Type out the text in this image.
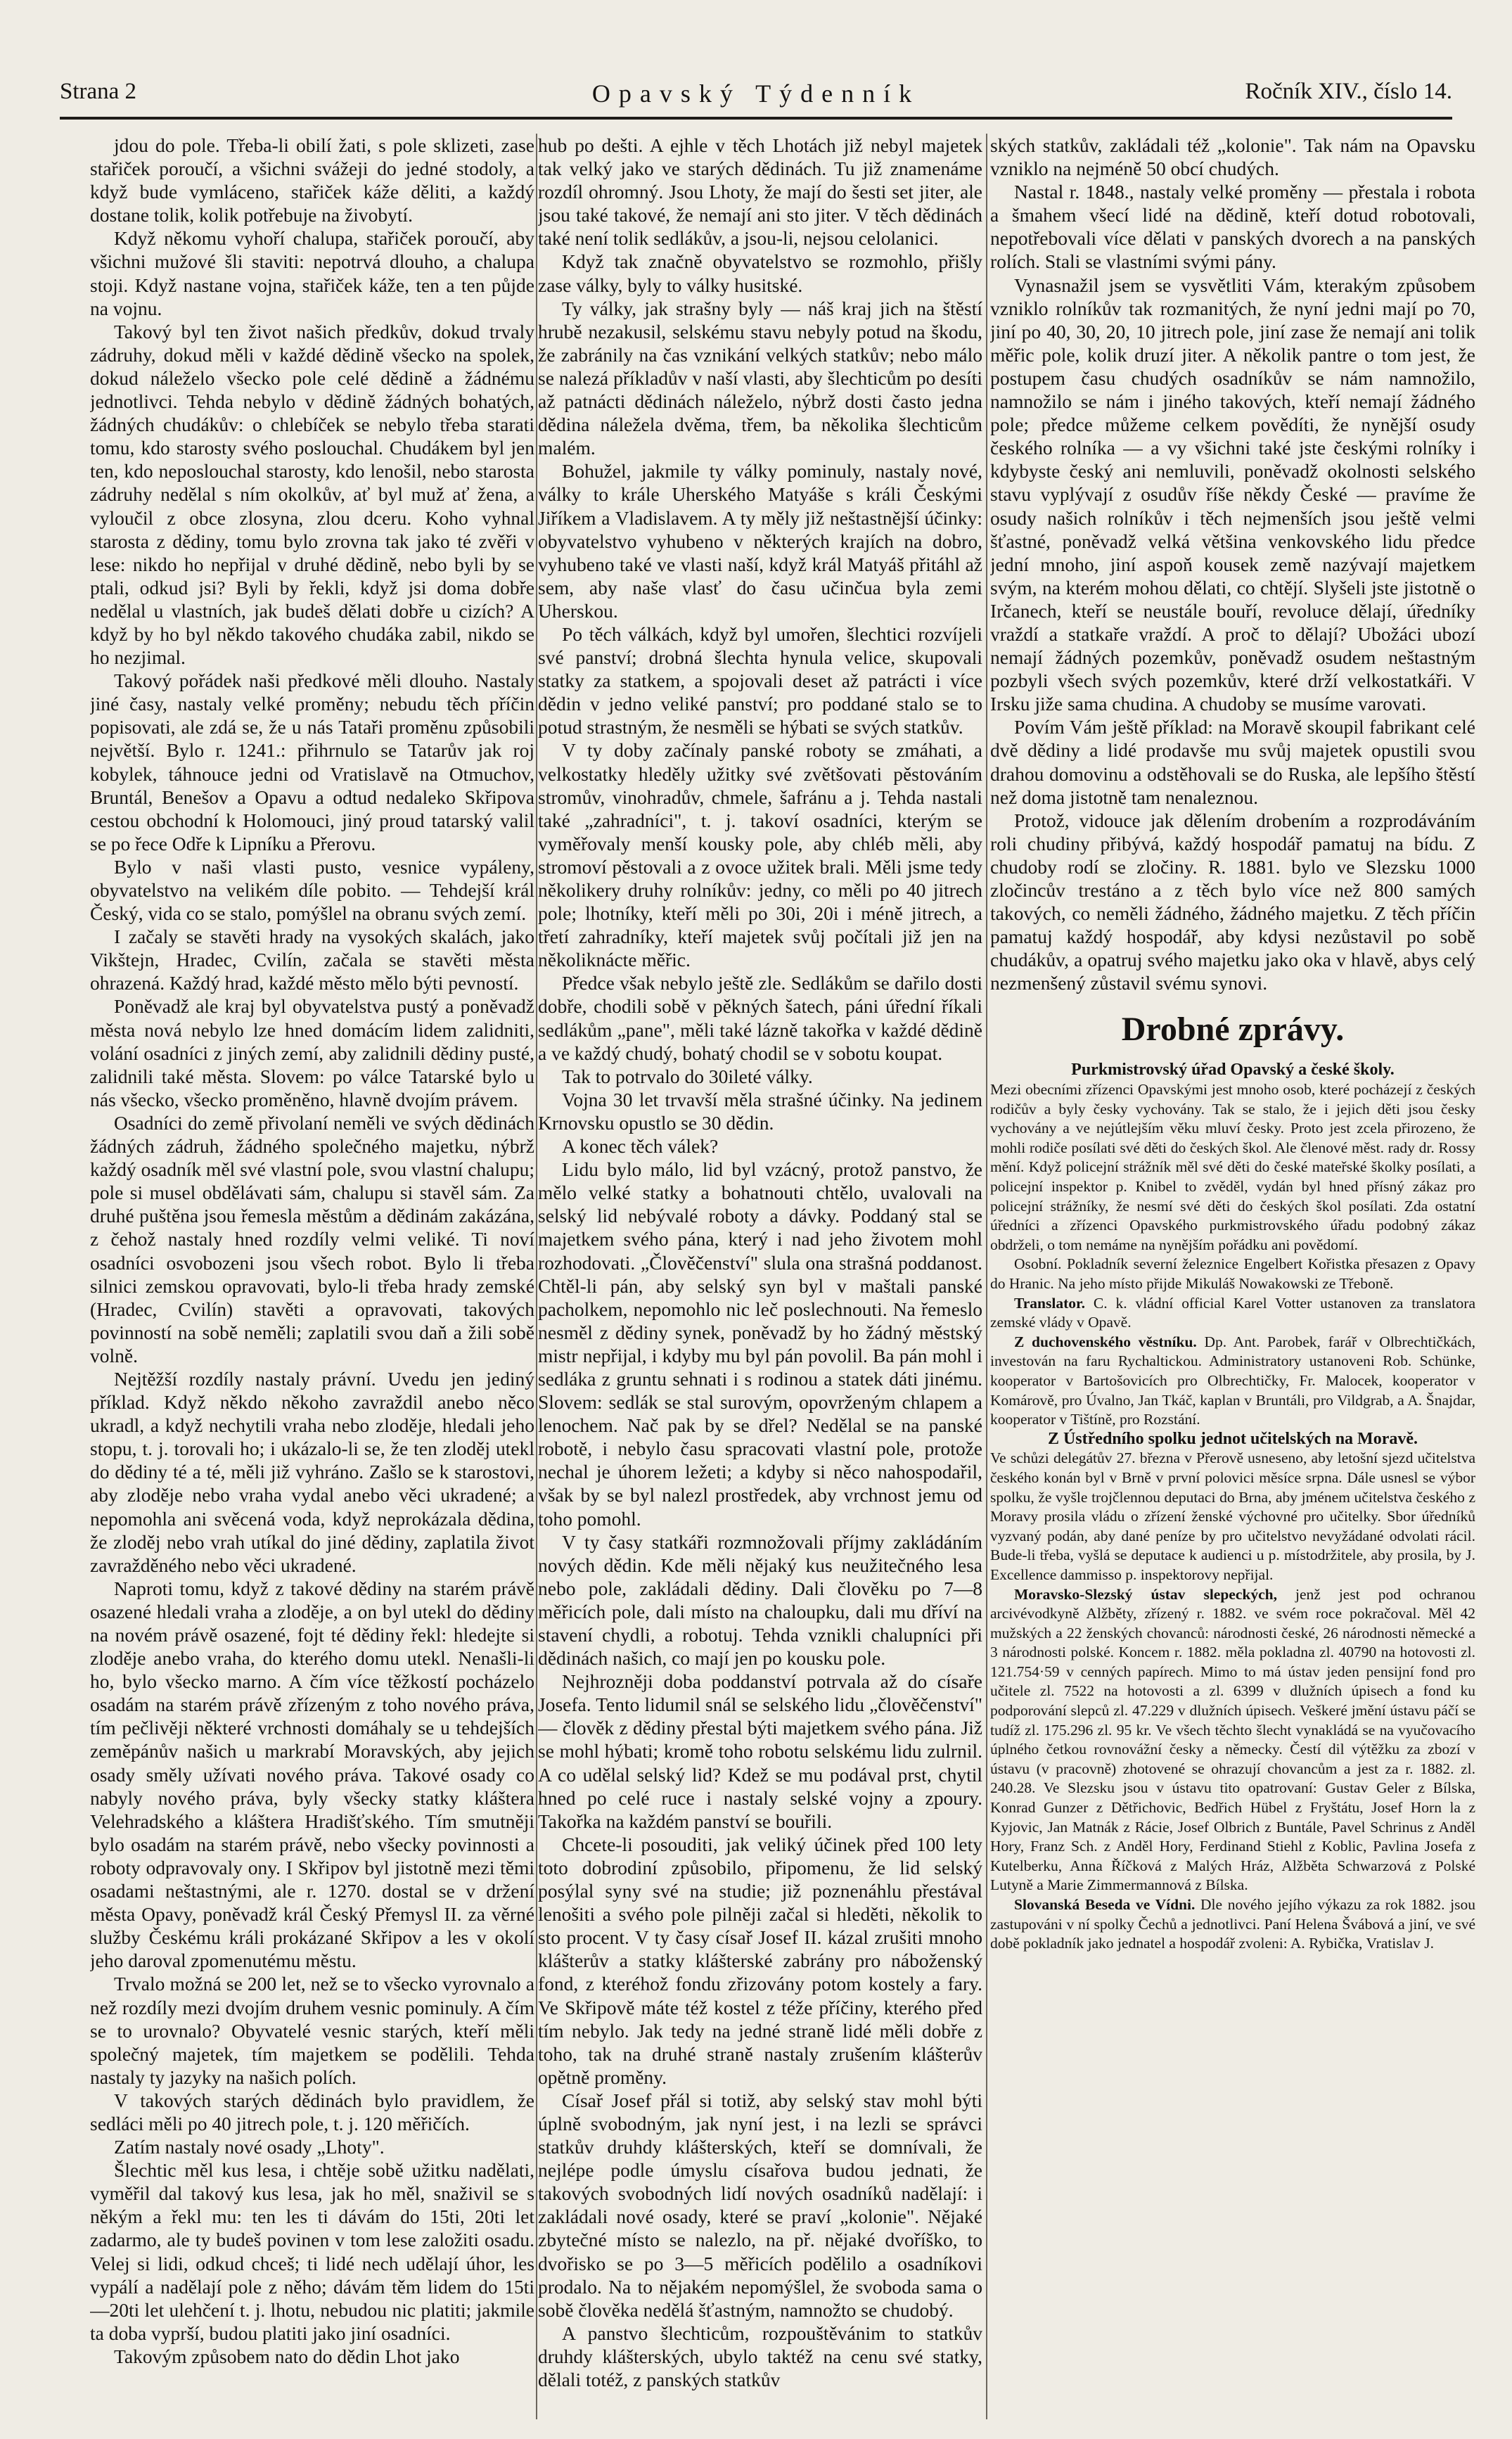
Strana 2	Opavský Týdenník	Ročník XIV., číslo 14.

jdou do pole. Třeba-li obilí žati, s pole sklizeti, zase stařiček poroučí, a všichni svážeji do jedné stodoly, a když bude vymláceno, stařiček káže děliti, a každý dostane tolik, kolik potřebuje na živobytí.

Když někomu vyhoří chalupa, stařiček poroučí, aby všichni mužové šli staviti: nepotrvá dlouho, a chalupa stoji. Když nastane vojna, stařiček káže, ten a ten půjde na vojnu.

Takový byl ten život našich předkův, dokud trvaly zádruhy, dokud měli v každé dědině všecko na spolek, dokud náleželo všecko pole celé dědině a žádnému jednotlivci. Tehda nebylo v dědině žádných bohatých, žádných chudákův: o chlebíček se nebylo třeba starati tomu, kdo starosty svého poslouchal. Chudákem byl jen ten, kdo neposlouchal starosty, kdo lenošil, nebo starosta zádruhy nedělal s ním okolkův, ať byl muž ať žena, a vyloučil z obce zlosyna, zlou dceru. Koho vyhnal starosta z dědiny, tomu bylo zrovna tak jako té zvěři v lese: nikdo ho nepřijal v druhé dědině, nebo byli by se ptali, odkud jsi? Byli by řekli, když jsi doma dobře nedělal u vlastních, jak budeš dělati dobře u cizích? A když by ho byl někdo takového chudáka zabil, nikdo se ho nezjimal.

Takový pořádek naši předkové měli dlouho. Nastaly jiné časy, nastaly velké proměny; nebudu těch příčin popisovati, ale zdá se, že u nás Tataři proměnu způsobili největší. Bylo r. 1241.: přihrnulo se Tatarův jak roj kobylek, táhnouce jedni od Vratislavě na Otmuchov, Bruntál, Benešov a Opavu a odtud nedaleko Skřipova cestou obchodní k Holomouci, jiný proud tatarský valil se po řece Odře k Lipníku a Přerovu.

Bylo v naši vlasti pusto, vesnice vypáleny, obyvatelstvo na velikém díle pobito. — Tehdejší král Český, vida co se stalo, pomýšlel na obranu svých zemí.

I začaly se stavěti hrady na vysokých skalách, jako Vikštejn, Hradec, Cvilín, začala se stavěti města ohrazená. Každý hrad, každé město mělo býti pevností.

Poněvadž ale kraj byl obyvatelstva pustý a poněvadž města nová nebylo lze hned domácím lidem zalidniti, volání osadníci z jiných zemí, aby zalidnili dědiny pusté, zalidnili také města. Slovem: po válce Tatarské bylo u nás všecko, všecko proměněno, hlavně dvojím právem.

Osadníci do země přivolaní neměli ve svých dědinách žádných zádruh, žádného společného majetku, nýbrž každý osadník měl své vlastní pole, svou vlastní chalupu; pole si musel obdělávati sám, chalupu si stavěl sám. Za druhé puštěna jsou řemesla městům a dědinám zakázána, z čehož nastaly hned rozdíly velmi veliké. Ti noví osadníci osvobozeni jsou všech robot. Bylo li třeba silnici zemskou opravovati, bylo-li třeba hrady zemské (Hradec, Cvilín) stavěti a opravovati, takových povinností na sobě neměli; zaplatili svou daň a žili sobě volně.

Nejtěžší rozdíly nastaly právní. Uvedu jen jediný příklad. Když někdo někoho zavraždil anebo něco ukradl, a když nechytili vraha nebo zloděje, hledali jeho stopu, t. j. torovali ho; i ukázalo-li se, že ten zloděj utekl do dědiny té a té, měli již vyhráno. Zašlo se k starostovi, aby zloděje nebo vraha vydal anebo věci ukradené; a nepomohla ani svěcená voda, když neprokázala dědina, že zloděj nebo vrah utíkal do jiné dědiny, zaplatila život zavražděného nebo věci ukradené.

Naproti tomu, když z takové dědiny na starém právě osazené hledali vraha a zloděje, a on byl utekl do dědiny na novém právě osazené, fojt té dědiny řekl: hledejte si zloděje anebo vraha, do kterého domu utekl. Nenašli-li ho, bylo všecko marno. A čím více těžkostí pocházelo osadám na starém právě zřízeným z toho nového práva, tím pečlivěji některé vrchnosti domáhaly se u tehdejších zeměpánův našich u markrabí Moravských, aby jejich osady směly užívati nového práva. Takové osady co nabyly nového práva, byly všecky statky kláštera Velehradského a kláštera Hradišťského. Tím smutněji bylo osadám na starém právě, nebo všecky povinnosti a roboty odpravovaly ony. I Skřipov byl jistotně mezi těmi osadami neštastnými, ale r. 1270. dostal se v držení města Opavy, poněvadž král Český Přemysl II. za věrné služby Českému králi prokázané Skřipov a les v okolí jeho daroval zpomenutému městu.

Trvalo možná se 200 let, než se to všecko vyrovnalo a než rozdíly mezi dvojím druhem vesnic pominuly. A čím se to urovnalo? Obyvatelé vesnic starých, kteří měli společný majetek, tím majetkem se podělili. Tehda nastaly ty jazyky na našich polích.

V takových starých dědinách bylo pravidlem, že sedláci měli po 40 jitrech pole, t. j. 120 měřičích.

Zatím nastaly nové osady „Lhoty".

Šlechtic měl kus lesa, i chtěje sobě užitku nadělati, vyměřil dal takový kus lesa, jak ho měl, snaživil se s někým a řekl mu: ten les ti dávám do 15ti, 20ti let zadarmo, ale ty budeš povinen v tom lese založiti osadu. Velej si lidi, odkud chceš; ti lidé nech udělají úhor, les vypálí a nadělají pole z něho; dávám těm lidem do 15ti—20ti let ulehčení t. j. lhotu, nebudou nic platiti; jakmile ta doba vyprší, budou platiti jako jiní osadníci.

Takovým způsobem nato do dědin Lhot jako

hub po dešti. A ejhle v těch Lhotách již nebyl majetek tak velký jako ve starých dědinách. Tu již znamenáme rozdíl ohromný. Jsou Lhoty, že mají do šesti set jiter, ale jsou také takové, že nemají ani sto jiter. V těch dědinách také není tolik sedlákův, a jsou-li, nejsou celolanici.

Když tak značně obyvatelstvo se rozmohlo, přišly zase války, byly to války husitské.

Ty války, jak strašny byly — náš kraj jich na štěstí hrubě nezakusil, selskému stavu nebyly potud na škodu, že zabránily na čas vznikání velkých statkův; nebo málo se nalezá příkladův v naší vlasti, aby šlechticům po desíti až patnácti dědinách náleželo, nýbrž dosti často jedna dědina náležela dvěma, třem, ba několika šlechticům malém.

Bohužel, jakmile ty války pominuly, nastaly nové, války to krále Uherského Matyáše s králi Českými Jiříkem a Vladislavem. A ty měly již neštastnější účinky: obyvatelstvo vyhubeno v některých krajích na dobro, vyhubeno také ve vlasti naší, když král Matyáš přitáhl až sem, aby naše vlasť do času učinčua byla zemi Uherskou.

Po těch válkách, když byl umořen, šlechtici rozvíjeli své panství; drobná šlechta hynula velice, skupovali statky za statkem, a spojovali deset až patrácti i více dědin v jedno veliké panství; pro poddané stalo se to potud strastným, že nesměli se hýbati se svých statkův.

V ty doby začínaly panské roboty se zmáhati, a velkostatky hleděly užitky své zvětšovati pěstováním stromův, vinohradův, chmele, šafránu a j. Tehda nastali také „zahradníci", t. j. takoví osadníci, kterým se vyměřovaly menší kousky pole, aby chléb měli, aby stromoví pěstovali a z ovoce užitek brali. Měli jsme tedy několikery druhy rolníkův: jedny, co měli po 40 jitrech pole; lhotníky, kteří měli po 30i, 20i i méně jitrech, a třetí zahradníky, kteří majetek svůj počítali již jen na několiknácte měřic.

Předce však nebylo ještě zle. Sedlákům se dařilo dosti dobře, chodili sobě v pěkných šatech, páni úřední říkali sedlákům „pane", měli také lázně takořka v každé dědině a ve každý chudý, bohatý chodil se v sobotu koupat.

Tak to potrvalo do 30ileté války.

Vojna 30 let trvavší měla strašné účinky. Na jedinem Krnovsku opustlo se 30 dědin.

A konec těch válek?

Lidu bylo málo, lid byl vzácný, protož panstvo, že mělo velké statky a bohatnouti chtělo, uvalovali na selský lid nebývalé roboty a dávky. Poddaný stal se majetkem svého pána, který i nad jeho životem mohl rozhodovati. „Člověčenství" slula ona strašná poddanost. Chtěl-li pán, aby selský syn byl v maštali panské pacholkem, nepomohlo nic leč poslechnouti. Na řemeslo nesměl z dědiny synek, poněvadž by ho žádný městský mistr nepřijal, i kdyby mu byl pán povolil. Ba pán mohl i sedláka z gruntu sehnati i s rodinou a statek dáti jinému. Slovem: sedlák se stal surovým, opovrženým chlapem a lenochem. Nač pak by se dřel? Nedělal se na panské robotě, i nebylo času spracovati vlastní pole, protože nechal je úhorem ležeti; a kdyby si něco nahospodařil, však by se byl nalezl prostředek, aby vrchnost jemu od toho pomohl.

V ty časy statkáři rozmnožovali příjmy zakládáním nových dědin. Kde měli nějaký kus neužitečného lesa nebo pole, zakládali dědiny. Dali člověku po 7—8 měřicích pole, dali místo na chaloupku, dali mu dříví na stavení chydli, a robotuj. Tehda vznikli chalupníci při dědinách našich, co mají jen po kousku pole.

Nejhrozněji doba poddanství potrvala až do císaře Josefa. Tento lidumil snál se selského lidu „člověčenství" — člověk z dědiny přestal býti majetkem svého pána. Již se mohl hýbati; kromě toho robotu selskému lidu zulrnil. A co udělal selský lid? Kdež se mu podával prst, chytil hned po celé ruce i nastaly selské vojny a zpoury. Takořka na každém panství se bouřili.

Chcete-li posouditi, jak veliký účinek před 100 lety toto dobrodiní způsobilo, připomenu, že lid selský posýlal syny své na studie; již poznenáhlu přestával lenošiti a svého pole pilněji začal si hleděti, několik to sto procent. V ty časy císař Josef II. kázal zrušiti mnoho klášterův a statky klášterské zabrány pro náboženský fond, z kteréhož fondu zřizovány potom kostely a fary. Ve Skřipově máte též kostel z téže příčiny, kterého před tím nebylo. Jak tedy na jedné straně lidé měli dobře z toho, tak na druhé straně nastaly zrušením klášterův opětně proměny.

Císař Josef přál si totiž, aby selský stav mohl býti úplně svobodným, jak nyní jest, i na lezli se správci statkův druhdy klášterských, kteří se domnívali, že nejlépe podle úmyslu císařova budou jednati, že takových svobodných lidí nových osadníků nadělají: i zakládali nové osady, které se praví „kolonie". Nějaké zbytečné místo se nalezlo, na př. nějaké dvoříško, to dvořisko se po 3—5 měřicích podělilo a osadníkovi prodalo. Na to nějakém nepomýšlel, že svoboda sama o sobě člověka nedělá šťastným, namnožto se chudobý.

A panstvo šlechticům, rozpouštěvánim to statkův druhdy klášterských, ubylo taktéž na cenu své statky, dělali totéž, z panských statkův

ských statkův, zakládali též „kolonie". Tak nám na Opavsku vzniklo na nejméně 50 obcí chudých.

Nastal r. 1848., nastaly velké proměny — přestala i robota a šmahem všecí lidé na dědině, kteří dotud robotovali, nepotřebovali více dělati v panských dvorech a na panských rolích. Stali se vlastními svými pány.

Vynasnažil jsem se vysvětliti Vám, kterakým způsobem vzniklo rolníkův tak rozmanitých, že nyní jedni mají po 70, jiní po 40, 30, 20, 10 jitrech pole, jiní zase že nemají ani tolik měřic pole, kolik druzí jiter. A několik pantre o tom jest, že postupem času chudých osadníkův se nám namnožilo, namnožilo se nám i jiného takových, kteří nemají žádného pole; předce můžeme celkem povědíti, že nynější osudy českého rolníka — a vy všichni také jste českými rolníky i kdybyste český ani nemluvili, poněvadž okolnosti selského stavu vyplývají z osudův říše někdy České — pravíme že osudy našich rolníkův i těch nejmenších jsou ještě velmi šťastné, poněvadž velká většina venkovského lidu předce jední mnoho, jiní aspoň kousek země nazývají majetkem svým, na kterém mohou dělati, co chtějí. Slyšeli jste jistotně o Irčanech, kteří se neustále bouří, revoluce dělají, úředníky vraždí a statkaře vraždí. A proč to dělají? Ubožáci ubozí nemají žádných pozemkův, poněvadž osudem neštastným pozbyli všech svých pozemkův, které drží velkostatkáři. V Irsku jiže sama chudina. A chudoby se musíme varovati.

Povím Vám ještě příklad: na Moravě skoupil fabrikant celé dvě dědiny a lidé prodavše mu svůj majetek opustili svou drahou domovinu a odstěhovali se do Ruska, ale lepšího štěstí než doma jistotně tam nenaleznou.

Protož, vidouce jak dělením drobením a rozprodáváním roli chudiny přibývá, každý hospodář pamatuj na bídu. Z chudoby rodí se zločiny. R. 1881. bylo ve Slezsku 1000 zločincův trestáno a z těch bylo více než 800 samých takových, co neměli žádného, žádného majetku. Z těch příčin pamatuj každý hospodář, aby kdysi nezůstavil po sobě chudákův, a opatruj svého majetku jako oka v hlavě, abys celý nezmenšený zůstavil svému synovi.

Drobné zprávy.

Purkmistrovský úřad Opavský a české školy.
Mezi obecními zřízenci Opavskými jest mnoho osob, které pocházejí z českých rodičův a byly česky vychovány. Tak se stalo, že i jejich děti jsou česky vychovány a ve nejútlejším věku mluví česky. Proto jest zcela přirozeno, že mohli rodiče posílati své děti do českých škol. Ale členové měst. rady dr. Rossy mění. Když policejní strážník měl své děti do české mateřské školky posílati, a policejní inspektor p. Knibel to zvěděl, vydán byl hned přísný zákaz pro policejní strážníky, že nesmí své děti do českých škol posílati. Zda ostatní úředníci a zřízenci Opavského purkmistrovského úřadu podobný zákaz obdrželi, o tom nemáme na nynějším pořádku ani povědomí.

Osobní. Pokladník severní železnice Engelbert Kořistka přesazen z Opavy do Hranic. Na jeho místo přijde Mikuláš Nowakowski ze Třeboně.

Translator. C. k. vládní official Karel Votter ustanoven za translatora zemské vlády v Opavě.

Z duchovenského věstníku. Dp. Ant. Parobek, farář v Olbrechtičkách, investován na faru Rychaltickou. Administratory ustanoveni Rob. Schünke, kooperator v Bartošovicích pro Olbrechtičky, Fr. Malocek, kooperator v Komárově, pro Úvalno, Jan Tkáč, kaplan v Bruntáli, pro Vildgrab, a A. Šnajdar, kooperator v Tištíně, pro Rozstání.

Z Ústředního spolku jednot učitelských na Moravě.
Ve schůzi delegátův 27. března v Přerově usneseno, aby letošní sjezd učitelstva českého konán byl v Brně v první polovici měsíce srpna. Dále usnesl se výbor spolku, že vyšle trojčlennou deputaci do Brna, aby jménem učitelstva českého z Moravy prosila vládu o zřízení ženské výchovné pro učitelky. Sbor úředníků vyzvaný podán, aby dané peníze by pro učitelstvo nevyžádané odvolati rácil. Bude-li třeba, vyšlá se deputace k audienci u p. místodržitele, aby prosila, by J. Excellence dammisso p. inspektorovy nepřijal.

Moravsko-Slezský ústav slepeckých, jenž jest pod ochranou arcivévodkyně Alžběty, zřízený r. 1882. ve svém roce pokračoval. Měl 42 mužských a 22 ženských chovanců: národnosti české, 26 národnosti německé a 3 národnosti polské. Koncem r. 1882. měla pokladna zl. 40790 na hotovosti zl. 121.754·59 v cenných papírech. Mimo to má ústav jeden pensijní fond pro učitele zl. 7522 na hotovosti a zl. 6399 v dlužních úpisech a fond ku podporování slepců zl. 47.229 v dlužních úpisech. Veškeré jmění ústavu páčí se tudíž zl. 175.296 zl. 95 kr. Ve všech těchto šlecht vynakládá se na vyučovacího úplného četkou rovnovážní česky a německy. Čestí dil výtěžku za zbozí v ústavu (v pracovně) zhotovené se ohrazují chovancům a jest za r. 1882. zl. 240.28. Ve Slezsku jsou v ústavu tito opatrovaní: Gustav Geler z Bílska, Konrad Gunzer z Dětřichovic, Bedřich Hübel z Fryštátu, Josef Horn la z Kyjovic, Jan Matnák z Rácie, Josef Olbrich z Buntále, Pavel Schrinus z Anděl Hory, Franz Sch. z Anděl Hory, Ferdinand Stiehl z Koblic, Pavlina Josefa z Kutelberku, Anna Říčková z Malých Hráz, Alžběta Schwarzová z Polské Lutyně a Marie Zimmermannová z Bílska.

Slovanská Beseda ve Vídni. Dle nového jejího výkazu za rok 1882. jsou zastupováni v ní spolky Čechů a jednotlivci. Paní Helena Švábová a jiní, ve své době pokladník jako jednatel a hospodář zvoleni: A. Rybička, Vratislav J.
